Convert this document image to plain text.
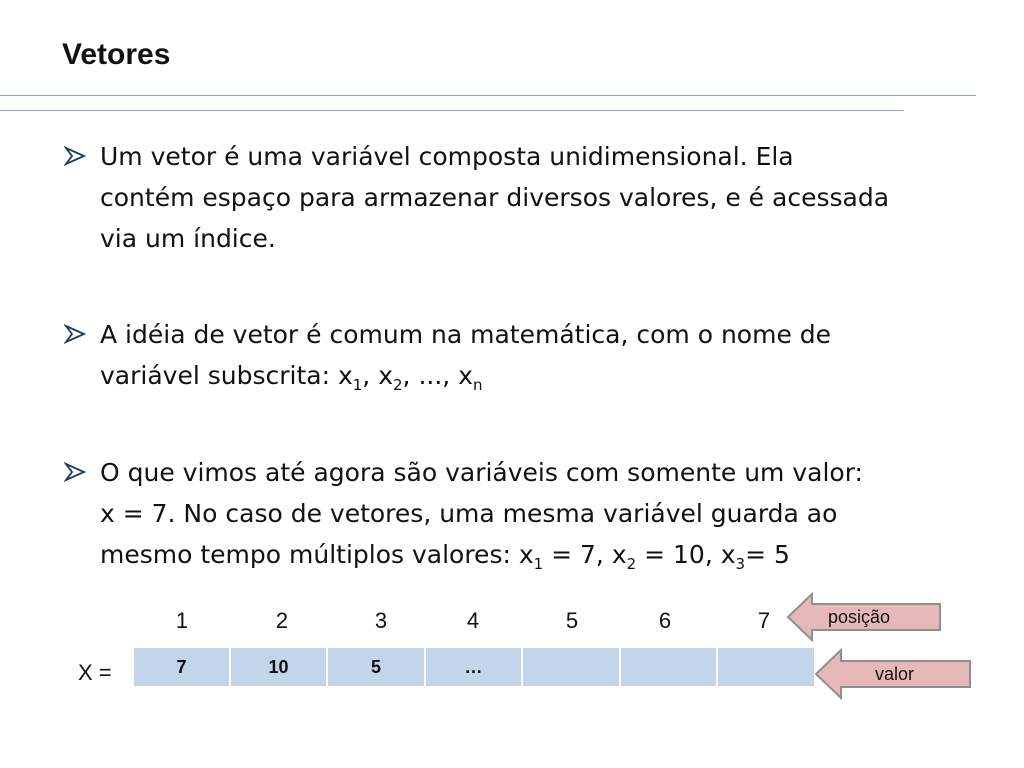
Vetores
Um vetor é uma variável composta unidimensional. Ela
contém espaço para armazenar diversos valores, e é acessada
via um índice.
A idéia de vetor é comum na matemática, com o nome de
variável subscrita: $x_1$, $x_2$, ..., $x_n$
O que vimos até agora são variáveis com somente um valor:
x = 7. No caso de vetores, uma mesma variável guarda ao
mesmo tempo múltiplos valores: $x_1 = 7$, $x_2 = 10$, $x_3= 5$
1	2	3	4	5	6	7
X =	7	10	5	…
posição
valor
